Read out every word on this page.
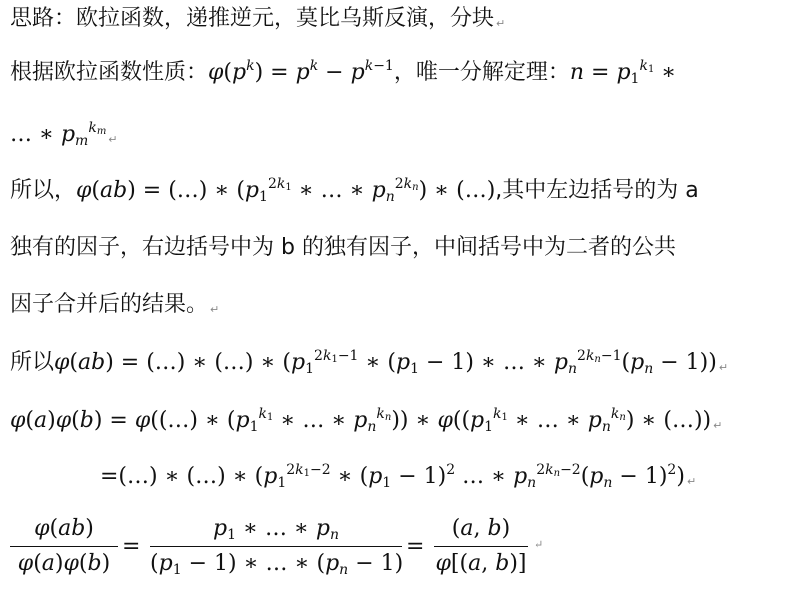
思路：欧拉函数，递推逆元，莫比乌斯反演，分块 ↵
根据欧拉函数性质：$\varphi(p^k) = p^k - p^{k-1}$，唯一分解定理：$n = p_1^{k_1}$ ∗
… ∗ $p_m^{k_m}↵$
所以，φ(ab) = (…) ∗ ($p_1^{2k_1}$ ∗ … ∗ $p_n^{2k_n}$) ∗ (…),其中左边括号的为 a
独有的因子，右边括号中为 b 的独有因子，中间括号中为二者的公共
因子合并后的结果。 ↵
所以φ(ab) = (…) ∗ (…) ∗ ($p_1^{2k_1-1}$ ∗ $(p_1 - 1)$ ∗ … ∗ $p_n^{2k_n-1}(p_n - 1)$) ↵
φ(a)φ(b) = φ((…) ∗ ($p_1^{k_1}$ ∗ … ∗ $p_n^{k_n}$)) ∗ $\varphi((p_1^{k_1}$ ∗ … ∗ $p_n^{k_n}$) ∗ (…)) ↵
=(…) ∗ (…) ∗ ($p_1^{2k_1-2}$ ∗ $(p_1 - 1)^2$ … ∗ $p_n^{2k_n-2}(p_n - 1)^2$) ↵
$\frac{\varphi(ab)}{\varphi(a)\varphi(b)} = \frac{p_1 ∗ \dots ∗ p_n}{(p_1 - 1) ∗ \dots ∗ (p_n - 1)} = \frac{(a, b)}{\varphi[(a, b)]}$ ↵
